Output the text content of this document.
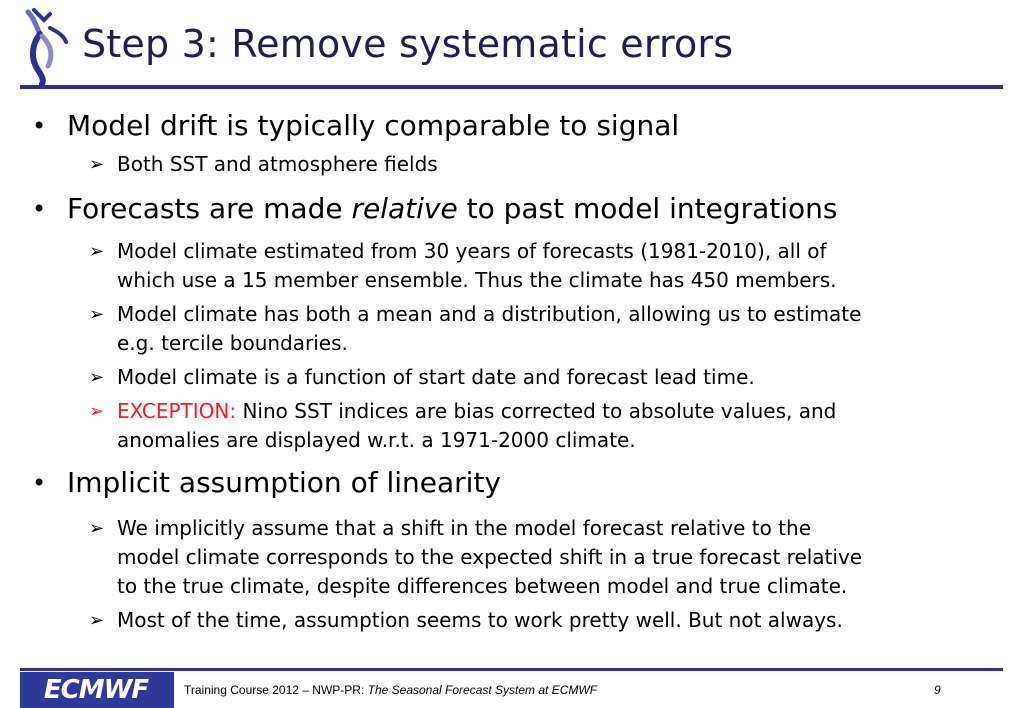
Step 3: Remove systematic errors
• Model drift is typically comparable to signal
➢ Both SST and atmosphere fields
• Forecasts are made relative to past model integrations
➢ Model climate estimated from 30 years of forecasts (1981-2010), all of
which use a 15 member ensemble. Thus the climate has 450 members.
➢ Model climate has both a mean and a distribution, allowing us to estimate
e.g. tercile boundaries.
➢ Model climate is a function of start date and forecast lead time.
➢ EXCEPTION: Nino SST indices are bias corrected to absolute values, and
anomalies are displayed w.r.t. a 1971-2000 climate.
• Implicit assumption of linearity
➢ We implicitly assume that a shift in the model forecast relative to the
model climate corresponds to the expected shift in a true forecast relative
to the true climate, despite differences between model and true climate.
➢ Most of the time, assumption seems to work pretty well. But not always.
ECMWF	Training Course 2012 – NWP-PR: The Seasonal Forecast System at ECMWF	9
